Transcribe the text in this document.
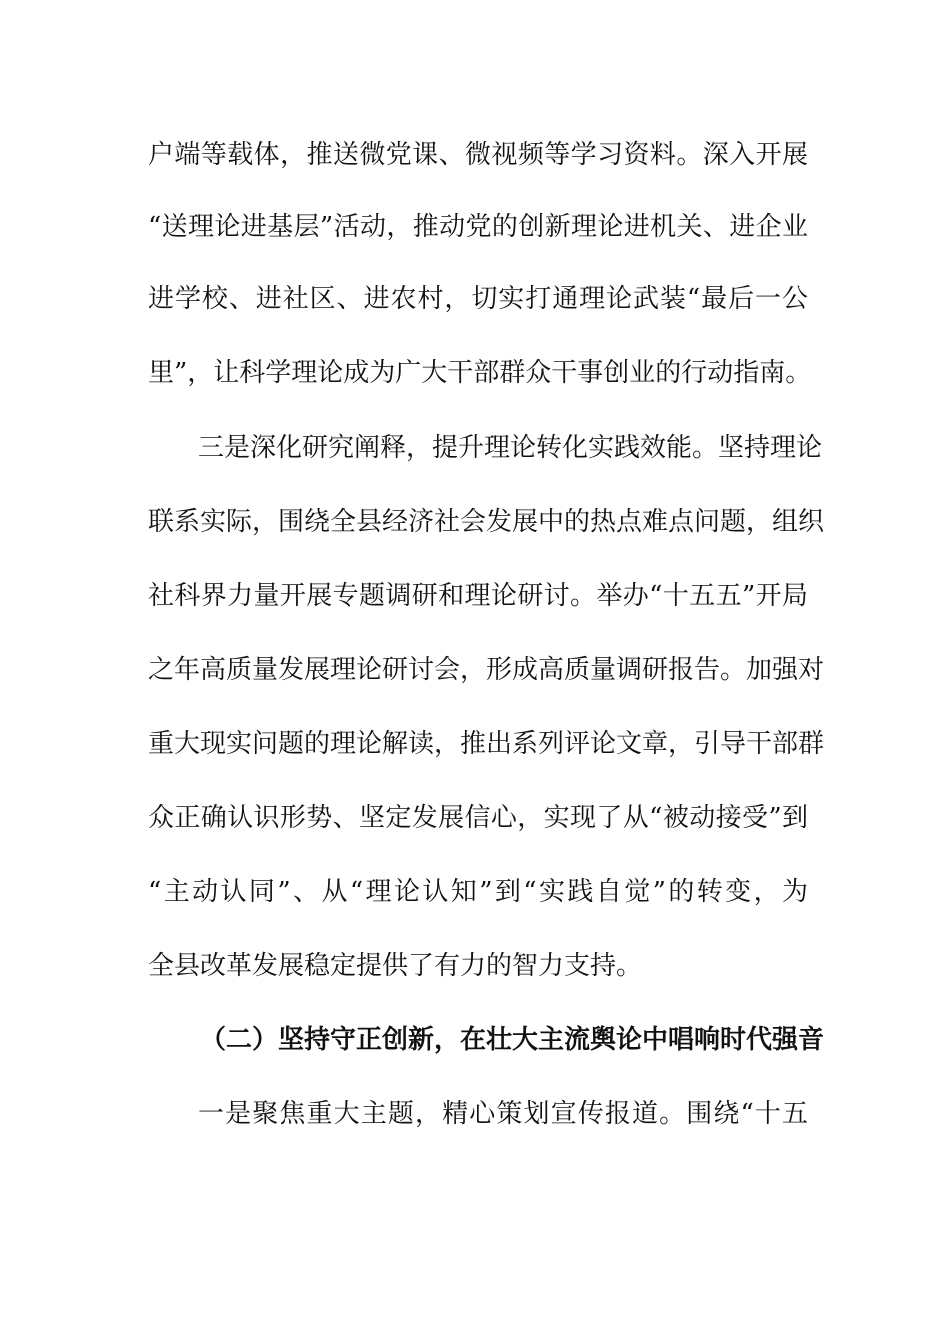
户端等载体，推送微党课、微视频等学习资料。深入开展
“送理论进基层”活动，推动党的创新理论进机关、进企业
进学校、进社区、进农村，切实打通理论武装“最后一公
里”，让科学理论成为广大干部群众干事创业的行动指南。
三是深化研究阐释，提升理论转化实践效能。坚持理论
联系实际，围绕全县经济社会发展中的热点难点问题，组织
社科界力量开展专题调研和理论研讨。举办“十五五”开局
之年高质量发展理论研讨会，形成高质量调研报告。加强对
重大现实问题的理论解读，推出系列评论文章，引导干部群
众正确认识形势、坚定发展信心，实现了从“被动接受”到
“主动认同”、从“理论认知”到“实践自觉”的转变，为
全县改革发展稳定提供了有力的智力支持。
（二）坚持守正创新，在壮大主流舆论中唱响时代强音
一是聚焦重大主题，精心策划宣传报道。围绕“十五
